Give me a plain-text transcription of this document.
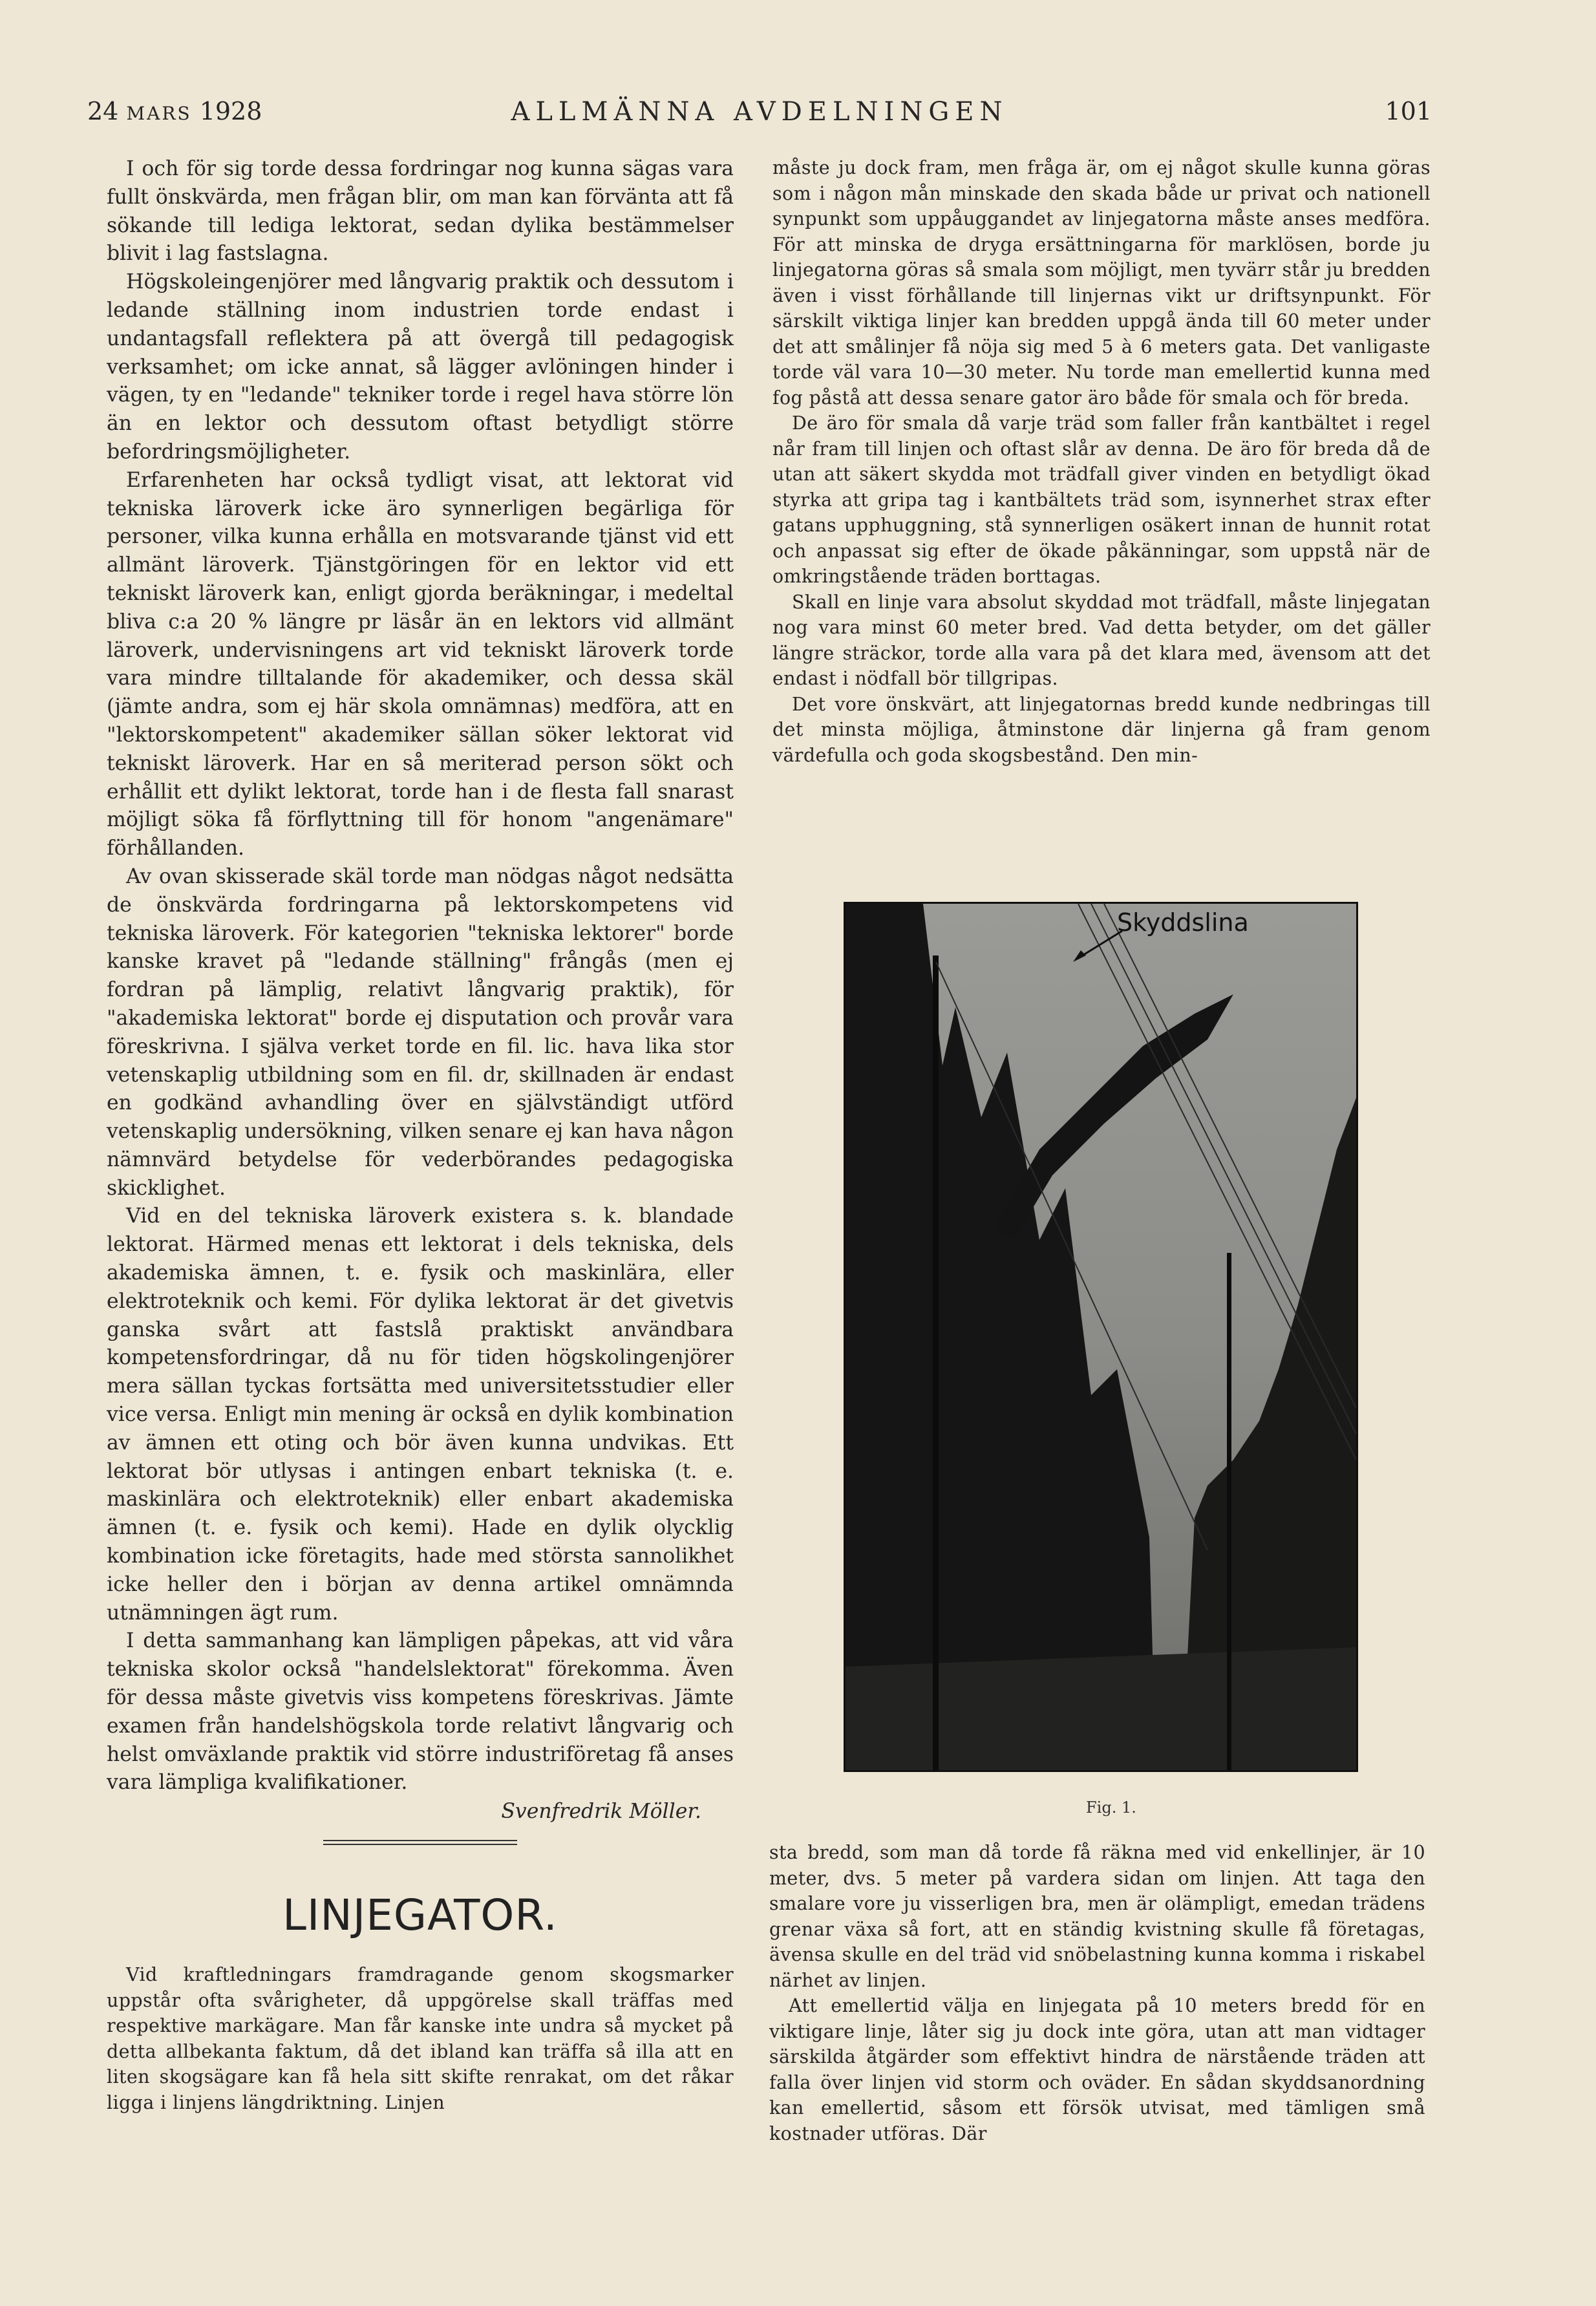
24 MARS 1928	ALLMÄNNA AVDELNINGEN	101

I och för sig torde dessa fordringar nog kunna sägas vara fullt önskvärda, men frågan blir, om man kan förvänta att få sökande till lediga lektorat, sedan dylika bestämmelser blivit i lag fastslagna.

Högskoleingenjörer med långvarig praktik och dessutom i ledande ställning inom industrien torde endast i undantagsfall reflektera på att övergå till pedagogisk verksamhet; om icke annat, så lägger avlöningen hinder i vägen, ty en "ledande" tekniker torde i regel hava större lön än en lektor och dessutom oftast betydligt större befordringsmöjligheter.

Erfarenheten har också tydligt visat, att lektorat vid tekniska läroverk icke äro synnerligen begärliga för personer, vilka kunna erhålla en motsvarande tjänst vid ett allmänt läroverk. Tjänstgöringen för en lektor vid ett tekniskt läroverk kan, enligt gjorda beräkningar, i medeltal bliva c:a 20 % längre pr läsår än en lektors vid allmänt läroverk, undervisningens art vid tekniskt läroverk torde vara mindre tilltalande för akademiker, och dessa skäl (jämte andra, som ej här skola omnämnas) medföra, att en "lektorskompetent" akademiker sällan söker lektorat vid tekniskt läroverk. Har en så meriterad person sökt och erhållit ett dylikt lektorat, torde han i de flesta fall snarast möjligt söka få förflyttning till för honom "angenämare" förhållanden.

Av ovan skisserade skäl torde man nödgas något nedsätta de önskvärda fordringarna på lektorskompetens vid tekniska läroverk. För kategorien "tekniska lektorer" borde kanske kravet på "ledande ställning" frångås (men ej fordran på lämplig, relativt långvarig praktik), för "akademiska lektorat" borde ej disputation och provår vara föreskrivna. I själva verket torde en fil. lic. hava lika stor vetenskaplig utbildning som en fil. dr, skillnaden är endast en godkänd avhandling över en självständigt utförd vetenskaplig undersökning, vilken senare ej kan hava någon nämnvärd betydelse för vederbörandes pedagogiska skicklighet.

Vid en del tekniska läroverk existera s. k. blandade lektorat. Härmed menas ett lektorat i dels tekniska, dels akademiska ämnen, t. e. fysik och maskinlära, eller elektroteknik och kemi. För dylika lektorat är det givetvis ganska svårt att fastslå praktiskt användbara kompetensfordringar, då nu för tiden högskolingenjörer mera sällan tyckas fortsätta med universitetsstudier eller vice versa. Enligt min mening är också en dylik kombination av ämnen ett oting och bör även kunna undvikas. Ett lektorat bör utlysas i antingen enbart tekniska (t. e. maskinlära och elektroteknik) eller enbart akademiska ämnen (t. e. fysik och kemi). Hade en dylik olycklig kombination icke företagits, hade med största sannolikhet icke heller den i början av denna artikel omnämnda utnämningen ägt rum.

I detta sammanhang kan lämpligen påpekas, att vid våra tekniska skolor också "handelslektorat" förekomma. Även för dessa måste givetvis viss kompetens föreskrivas. Jämte examen från handelshögskola torde relativt långvarig och helst omväxlande praktik vid större industriföretag få anses vara lämpliga kvalifikationer.

Svenfredrik Möller.

LINJEGATOR.

Vid kraftledningars framdragande genom skogsmarker uppstår ofta svårigheter, då uppgörelse skall träffas med respektive markägare. Man får kanske inte undra så mycket på detta allbekanta faktum, då det ibland kan träffa så illa att en liten skogsägare kan få hela sitt skifte renrakat, om det råkar ligga i linjens längdriktning. Linjen

måste ju dock fram, men fråga är, om ej något skulle kunna göras som i någon mån minskade den skada både ur privat och nationell synpunkt som uppåuggandet av linjegatorna måste anses medföra. För att minska de dryga ersättningarna för marklösen, borde ju linjegatorna göras så smala som möjligt, men tyvärr står ju bredden även i visst förhållande till linjernas vikt ur driftsynpunkt. För särskilt viktiga linjer kan bredden uppgå ända till 60 meter under det att smålinjer få nöja sig med 5 à 6 meters gata. Det vanligaste torde väl vara 10—30 meter. Nu torde man emellertid kunna med fog påstå att dessa senare gator äro både för smala och för breda.

De äro för smala då varje träd som faller från kantbältet i regel når fram till linjen och oftast slår av denna. De äro för breda då de utan att säkert skydda mot trädfall giver vinden en betydligt ökad styrka att gripa tag i kantbältets träd som, isynnerhet strax efter gatans upphuggning, stå synnerligen osäkert innan de hunnit rotat och anpassat sig efter de ökade påkänningar, som uppstå när de omkringstående träden borttagas.

Skall en linje vara absolut skyddad mot trädfall, måste linjegatan nog vara minst 60 meter bred. Vad detta betyder, om det gäller längre sträckor, torde alla vara på det klara med, ävensom att det endast i nödfall bör tillgripas.

Det vore önskvärt, att linjegatornas bredd kunde nedbringas till det minsta möjliga, åtminstone där linjerna gå fram genom värdefulla och goda skogsbestånd. Den min-

Skyddslina
Fig. 1.

sta bredd, som man då torde få räkna med vid enkellinjer, är 10 meter, dvs. 5 meter på vardera sidan om linjen. Att taga den smalare vore ju visserligen bra, men är olämpligt, emedan trädens grenar växa så fort, att en ständig kvistning skulle få företagas, ävensa skulle en del träd vid snöbelastning kunna komma i riskabel närhet av linjen.

Att emellertid välja en linjegata på 10 meters bredd för en viktigare linje, låter sig ju dock inte göra, utan att man vidtager särskilda åtgärder som effektivt hindra de närstående träden att falla över linjen vid storm och oväder. En sådan skyddsanordning kan emellertid, såsom ett försök utvisat, med tämligen små kostnader utföras. Där
